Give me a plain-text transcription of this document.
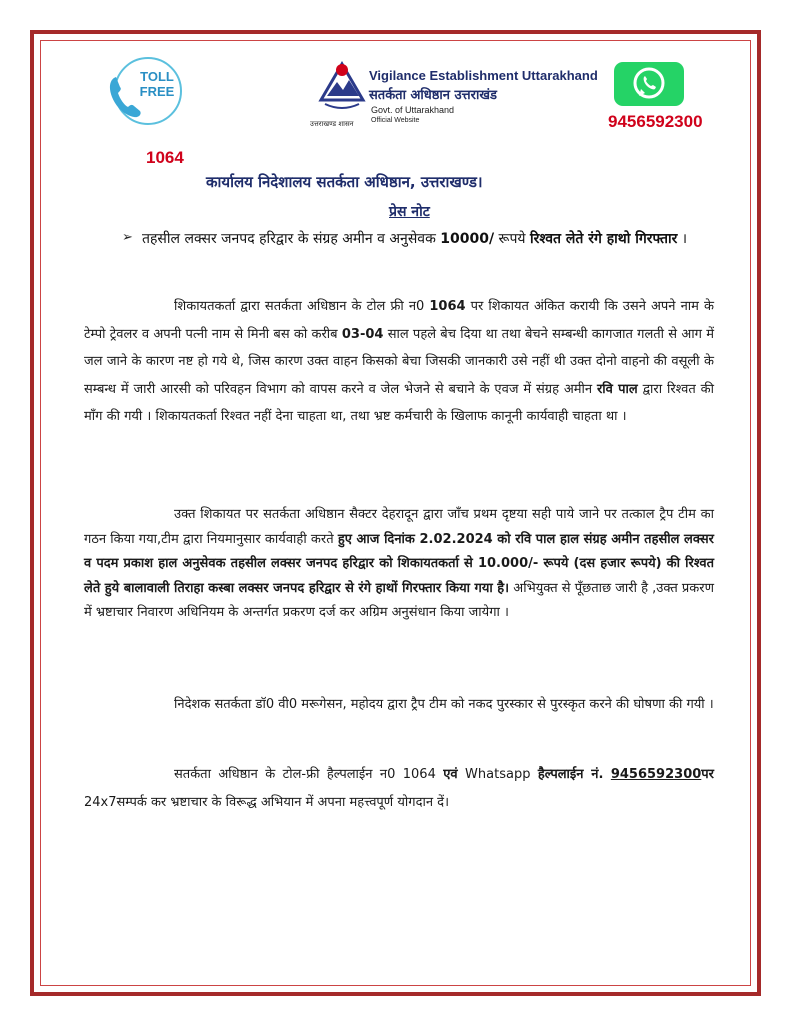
TOLL
FREE
1064
उत्तराखण्ड शासन
Vigilance Establishment Uttarakhand
सतर्कता अधिष्ठान उत्तराखंड
Govt. of Uttarakhand
Official Website	9456592300
कार्यालय निदेशालय सतर्कता अधिष्ठान, उत्तराखण्ड।
प्रेस नोट
➢ तहसील लक्सर जनपद हरिद्वार के संग्रह अमीन व अनुसेवक 10000/ रूपये रिश्वत लेते रंगे हाथो गिरफ्तार ।
शिकायतकर्ता द्वारा सतर्कता अधिष्ठान के टोल फ्री न0 1064 पर शिकायत अंकित करायी कि उसने अपने नाम के टेम्पो ट्रेवलर व अपनी पत्नी नाम से मिनी बस को करीब 03-04 साल पहले बेच दिया था तथा बेचने सम्बन्धी कागजात गलती से आग में जल जाने के कारण नष्ट हो गये थे, जिस कारण उक्त वाहन किसको बेचा जिसकी जानकारी उसे नहीं थी उक्त दोनो वाहनो की वसूली के सम्बन्ध में जारी आरसी को परिवहन विभाग को वापस करने व जेल भेजने से बचाने के एवज में संग्रह अमीन रवि पाल द्वारा रिश्वत की माँग की गयी । शिकायतकर्ता रिश्वत नहीं देना चाहता था, तथा भ्रष्ट कर्मचारी के खिलाफ कानूनी कार्यवाही चाहता था ।
उक्त शिकायत पर सतर्कता अधिष्ठान सैक्टर देहरादून द्वारा जाँच प्रथम दृष्टया सही पाये जाने पर तत्काल ट्रैप टीम का गठन किया गया,टीम द्वारा नियमानुसार कार्यवाही करते हुए आज दिनांक 2.02.2024 को रवि पाल हाल संग्रह अमीन तहसील लक्सर व पदम प्रकाश हाल अनुसेवक तहसील लक्सर जनपद हरिद्वार को शिकायतकर्ता से 10.000/- रूपये (दस हजार रूपये) की रिश्वत लेते हुये बालावाली तिराहा कस्बा लक्सर जनपद हरिद्वार से रंगे हाथों गिरफ्तार किया गया है। अभियुक्त से पूँछताछ जारी है ,उक्त प्रकरण में भ्रष्टाचार निवारण अधिनियम के अन्तर्गत प्रकरण दर्ज कर अग्रिम अनुसंधान किया जायेगा ।
निदेशक सतर्कता डॉ0 वी0 मरूगेसन, महोदय द्वारा ट्रैप टीम को नकद पुरस्कार से पुरस्कृत करने की घोषणा की गयी ।
सतर्कता अधिष्ठान के टोल-फ्री हैल्पलाईन न0 1064 एवं Whatsapp हैल्पलाईन नं. 9456592300पर 24x7सम्पर्क कर भ्रष्टाचार के विरूद्ध अभियान में अपना महत्त्वपूर्ण योगदान दें।
